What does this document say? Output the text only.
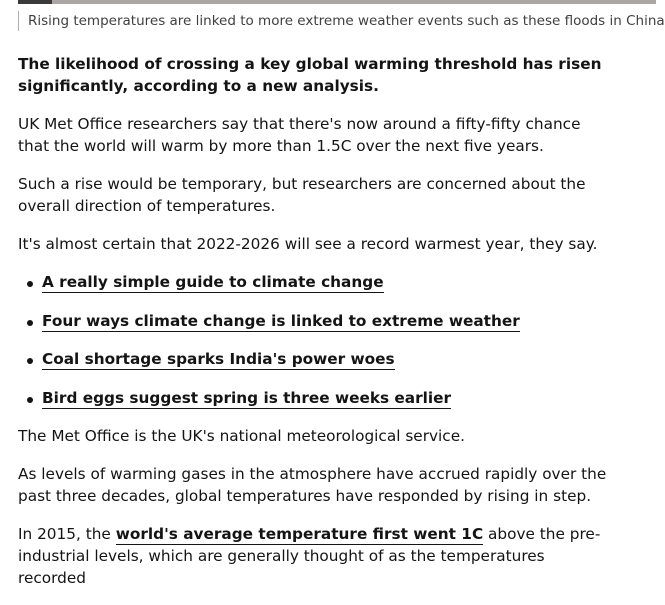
Rising temperatures are linked to more extreme weather events such as these floods in China

The likelihood of crossing a key global warming threshold has risen significantly, according to a new analysis.

UK Met Office researchers say that there's now around a fifty-fifty chance that the world will warm by more than 1.5C over the next five years.

Such a rise would be temporary, but researchers are concerned about the overall direction of temperatures.

It's almost certain that 2022-2026 will see a record warmest year, they say.

A really simple guide to climate change
Four ways climate change is linked to extreme weather
Coal shortage sparks India's power woes
Bird eggs suggest spring is three weeks earlier

The Met Office is the UK's national meteorological service.

As levels of warming gases in the atmosphere have accrued rapidly over the past three decades, global temperatures have responded by rising in step.

In 2015, the world's average temperature first went 1C above the pre-industrial levels, which are generally thought of as the temperatures recorded
